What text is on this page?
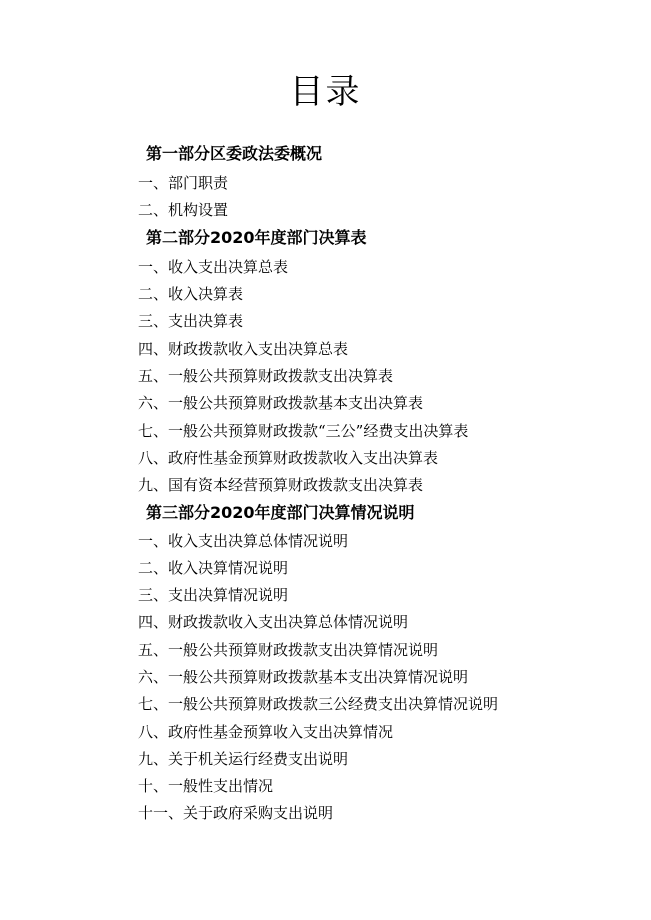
目录
第一部分区委政法委概况
一、部门职责
二、机构设置
第二部分2020年度部门决算表
一、收入支出决算总表
二、收入决算表
三、支出决算表
四、财政拨款收入支出决算总表
五、一般公共预算财政拨款支出决算表
六、一般公共预算财政拨款基本支出决算表
七、一般公共预算财政拨款“三公”经费支出决算表
八、政府性基金预算财政拨款收入支出决算表
九、国有资本经营预算财政拨款支出决算表
第三部分2020年度部门决算情况说明
一、收入支出决算总体情况说明
二、收入决算情况说明
三、支出决算情况说明
四、财政拨款收入支出决算总体情况说明
五、一般公共预算财政拨款支出决算情况说明
六、一般公共预算财政拨款基本支出决算情况说明
七、一般公共预算财政拨款三公经费支出决算情况说明
八、政府性基金预算收入支出决算情况
九、关于机关运行经费支出说明
十、一般性支出情况
十一、关于政府采购支出说明
